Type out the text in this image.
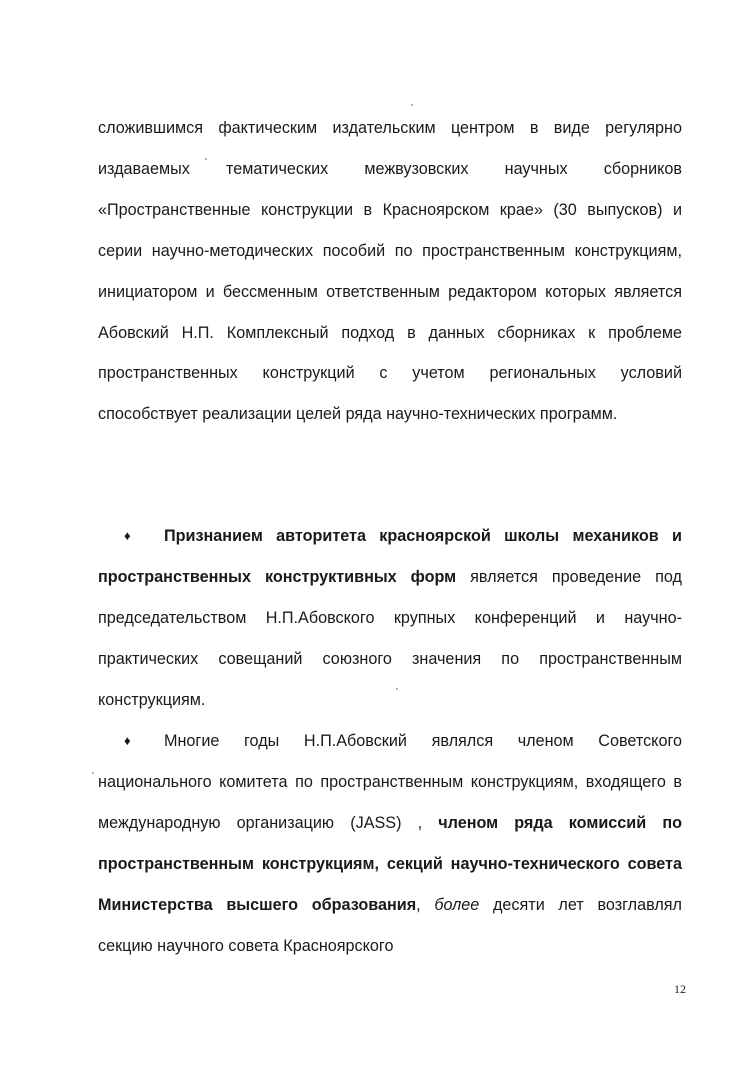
сложившимся фактическим издательским центром в виде регулярно издаваемых тематических межвузовских научных сборников «Пространственные конструкции в Красноярском крае» (30 выпусков) и серии научно-методических пособий по пространственным конструкциям, инициатором и бессменным ответственным редактором которых является Абовский Н.П. Комплексный подход в данных сборниках к проблеме пространственных конструкций с учетом региональных условий способствует реализации целей ряда научно-технических программ.
♦ Признанием авторитета красноярской школы механиков и пространственных конструктивных форм является проведение под председательством Н.П.Абовского крупных конференций и научно-практических совещаний союзного значения по пространственным конструкциям.
♦ Многие годы Н.П.Абовский являлся членом Советского национального комитета по пространственным конструкциям, входящего в международную организацию (JASS) , членом ряда комиссий по пространственным конструкциям, секций научно-технического совета Министерства высшего образования, более десяти лет возглавлял секцию научного совета Красноярского
12
